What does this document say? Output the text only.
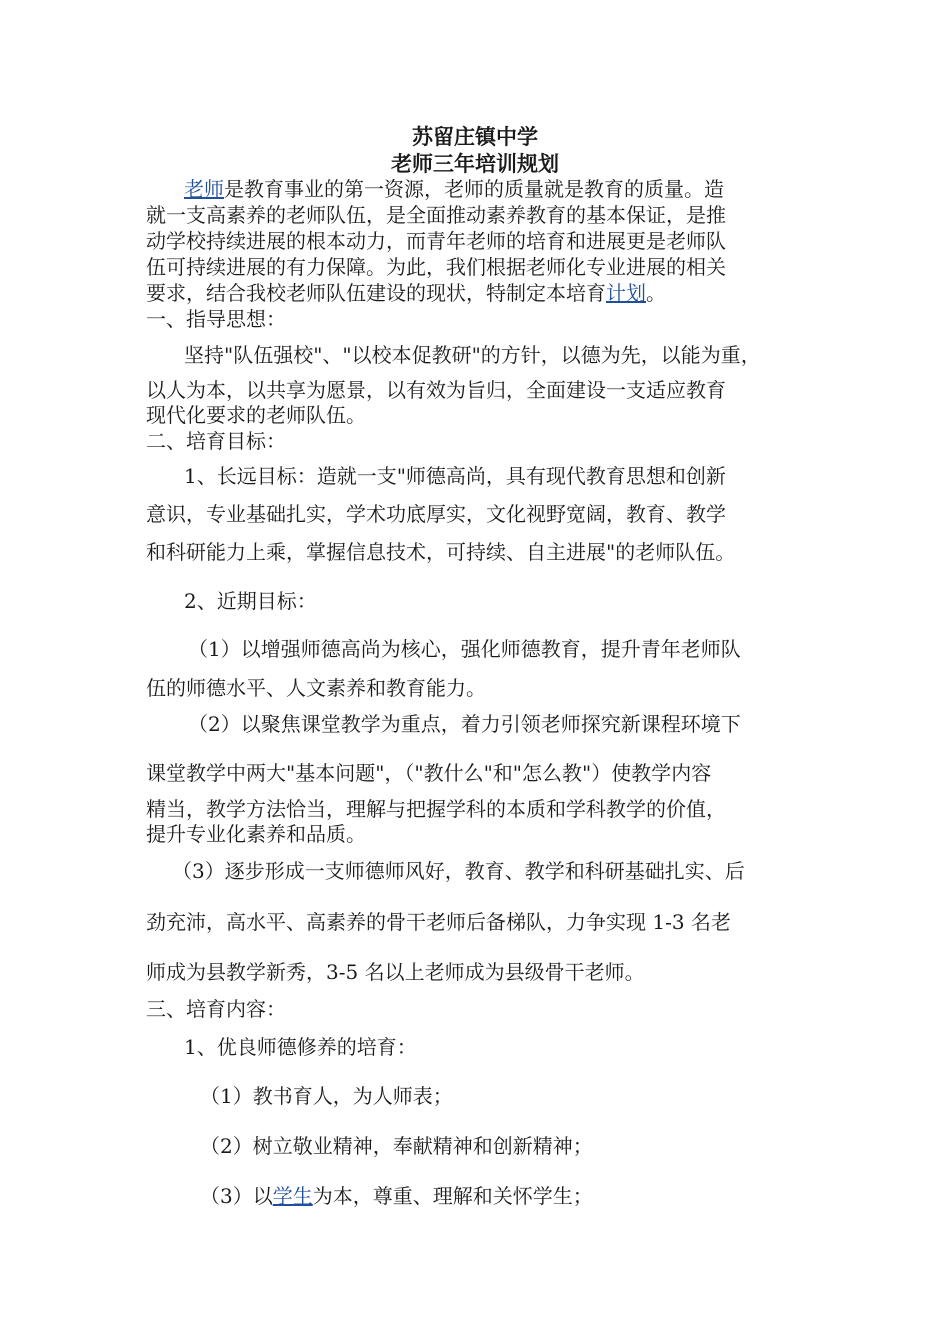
苏留庄镇中学

老师三年培训规划

老师是教育事业的第一资源，老师的质量就是教育的质量。造

就一支高素养的老师队伍，是全面推动素养教育的基本保证，是推

动学校持续进展的根本动力，而青年老师的培育和进展更是老师队

伍可持续进展的有力保障。为此，我们根据老师化专业进展的相关

要求，结合我校老师队伍建设的现状，特制定本培育计划。

一、指导思想：

坚持"队伍强校"、"以校本促教研"的方针，以德为先，以能为重，

以人为本，以共享为愿景，以有效为旨归，全面建设一支适应教育

现代化要求的老师队伍。

二、培育目标：

1、长远目标：造就一支"师德高尚，具有现代教育思想和创新

意识，专业基础扎实，学术功底厚实，文化视野宽阔，教育、教学

和科研能力上乘，掌握信息技术，可持续、自主进展"的老师队伍。

2、近期目标：

（1）以增强师德高尚为核心，强化师德教育，提升青年老师队

伍的师德水平、人文素养和教育能力。

（2）以聚焦课堂教学为重点，着力引领老师探究新课程环境下

课堂教学中两大"基本问题"，（"教什么"和"怎么教"）使教学内容

精当，教学方法恰当，理解与把握学科的本质和学科教学的价值，

提升专业化素养和品质。

（3）逐步形成一支师德师风好，教育、教学和科研基础扎实、后

劲充沛，高水平、高素养的骨干老师后备梯队，力争实现 1-3 名老

师成为县教学新秀，3-5 名以上老师成为县级骨干老师。

三、培育内容：

1、优良师德修养的培育：

（1）教书育人，为人师表；

（2）树立敬业精神，奉献精神和创新精神；

（3）以学生为本，尊重、理解和关怀学生；
